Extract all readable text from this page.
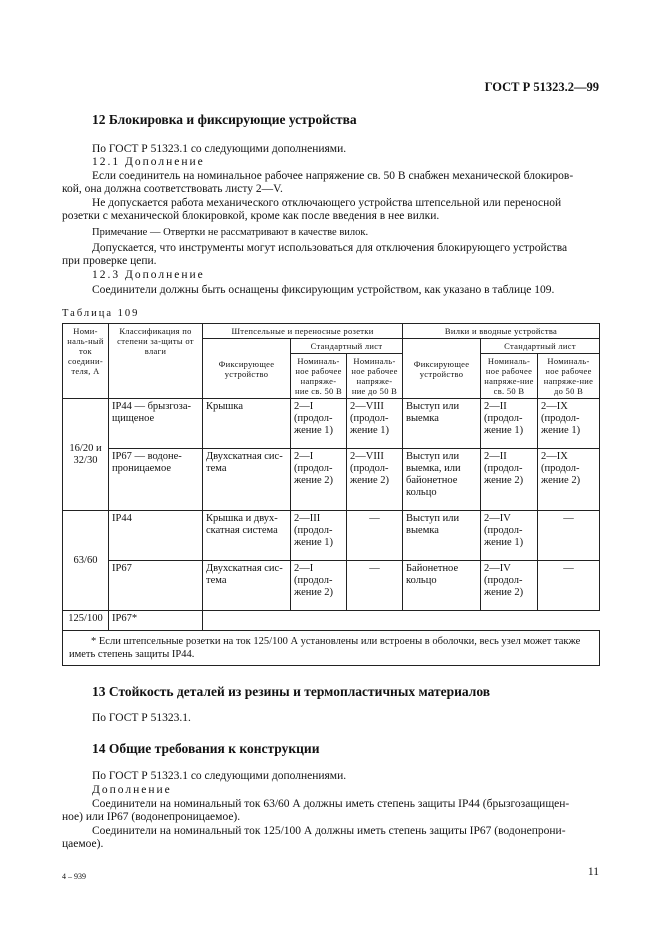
ГОСТ Р 51323.2—99
12 Блокировка и фиксирующие устройства
По ГОСТ Р 51323.1 со следующими дополнениями.
12.1 Дополнение
Если соединитель на номинальное рабочее напряжение св. 50 В снабжен механической блокиров-
кой, она должна соответствовать листу 2—V.
Не допускается работа механического отключающего устройства штепсельной или переносной
розетки с механической блокировкой, кроме как после введения в нее вилки.
Примечание — Отвертки не рассматривают в качестве вилок.
Допускается, что инструменты могут использоваться для отключения блокирующего устройства
при проверке цепи.
12.3 Дополнение
Соединители должны быть оснащены фиксирующим устройством, как указано в таблице 109.
Таблица 109
Номи-наль-ный ток соедини-теля, А	Классификация по степени за-щиты от влаги	Штепсельные и переносные розетки			Вилки и вводные устройства		
		Фиксирующее устройство	Стандартный лист		Фиксирующее устройство	Стандартный лист	
			Номиналь-ное рабочее напряже-ние св. 50 В	Номиналь-ное рабочее напряже-ние до 50 В		Номиналь-ное рабочее напряже-ние св. 50 В	Номиналь-ное рабочее напряже-ние до 50 В
16/20 и 32/30	IP44 — брызгоза-щищеное	Крышка	2—I (продол-жение 1)	2—VIII (продол-жение 1)	Выступ или выемка	2—II (продол-жение 1)	2—IX (продол-жение 1)
	IP67 — водоне-проницаемое	Двухскатная сис-тема	2—I (продол-жение 2)	2—VIII (продол-жение 2)	Выступ или выемка, или байонетное кольцо	2—II (продол-жение 2)	2—IX (продол-жение 2)
63/60	IP44	Крышка и двух-скатная система	2—III (продол-жение 1)	—	Выступ или выемка	2—IV (продол-жение 1)	—
	IP67	Двухскатная сис-тема	2—I (продол-жение 2)	—	Байонетное кольцо	2—IV (продол-жение 2)	—
125/100	IP67*						
* Если штепсельные розетки на ток 125/100 А установлены или встроены в оболочки, весь узел может также иметь степень защиты IP44.							
13 Стойкость деталей из резины и термопластичных материалов
По ГОСТ Р 51323.1.
14 Общие требования к конструкции
По ГОСТ Р 51323.1 со следующими дополнениями.
Дополнение
Соединители на номинальный ток 63/60 А должны иметь степень защиты IP44 (брызгозащищен-
ное) или IP67 (водонепроницаемое).
Соединители на номинальный ток 125/100 А должны иметь степень защиты IP67 (водонепрони-
цаемое).
4 – 939	11
